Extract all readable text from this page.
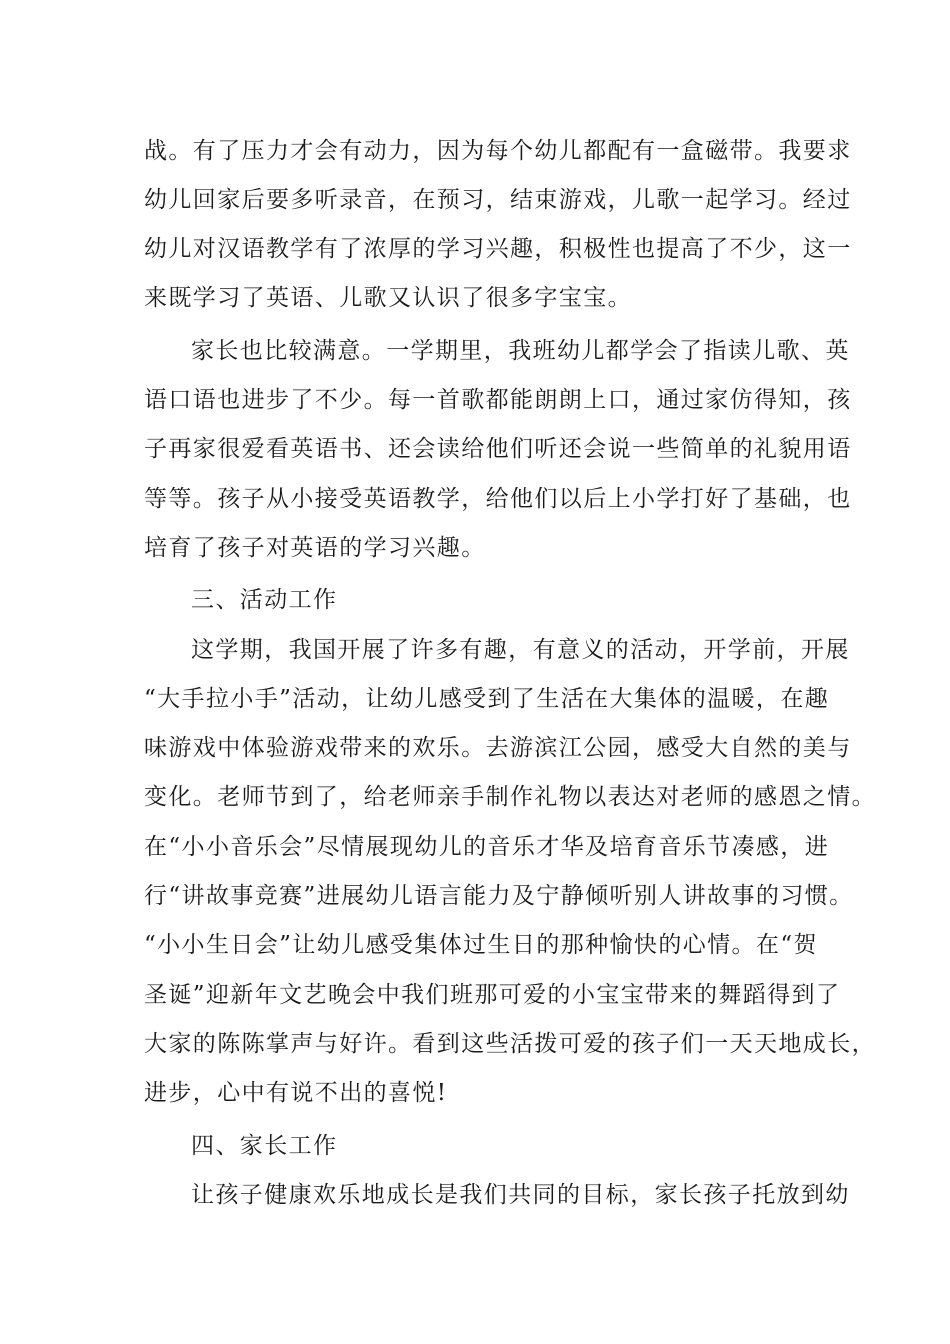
战。有了压力才会有动力，因为每个幼儿都配有一盒磁带。我要求
幼儿回家后要多听录音，在预习，结束游戏，儿歌一起学习。经过
幼儿对汉语教学有了浓厚的学习兴趣，积极性也提高了不少，这一
来既学习了英语、儿歌又认识了很多字宝宝。
家长也比较满意。一学期里，我班幼儿都学会了指读儿歌、英
语口语也进步了不少。每一首歌都能朗朗上口，通过家仿得知，孩
子再家很爱看英语书、还会读给他们听还会说一些简单的礼貌用语
等等。孩子从小接受英语教学，给他们以后上小学打好了基础，也
培育了孩子对英语的学习兴趣。
三、活动工作
这学期，我国开展了许多有趣，有意义的活动，开学前，开展
“大手拉小手”活动，让幼儿感受到了生活在大集体的温暖，在趣
味游戏中体验游戏带来的欢乐。去游滨江公园，感受大自然的美与
变化。老师节到了，给老师亲手制作礼物以表达对老师的感恩之情。
在“小小音乐会”尽情展现幼儿的音乐才华及培育音乐节凑感，进
行“讲故事竞赛”进展幼儿语言能力及宁静倾听别人讲故事的习惯。
“小小生日会”让幼儿感受集体过生日的那种愉快的心情。在“贺
圣诞”迎新年文艺晚会中我们班那可爱的小宝宝带来的舞蹈得到了
大家的陈陈掌声与好许。看到这些活拨可爱的孩子们一天天地成长，
进步，心中有说不出的喜悦!
四、家长工作
让孩子健康欢乐地成长是我们共同的目标，家长孩子托放到幼
